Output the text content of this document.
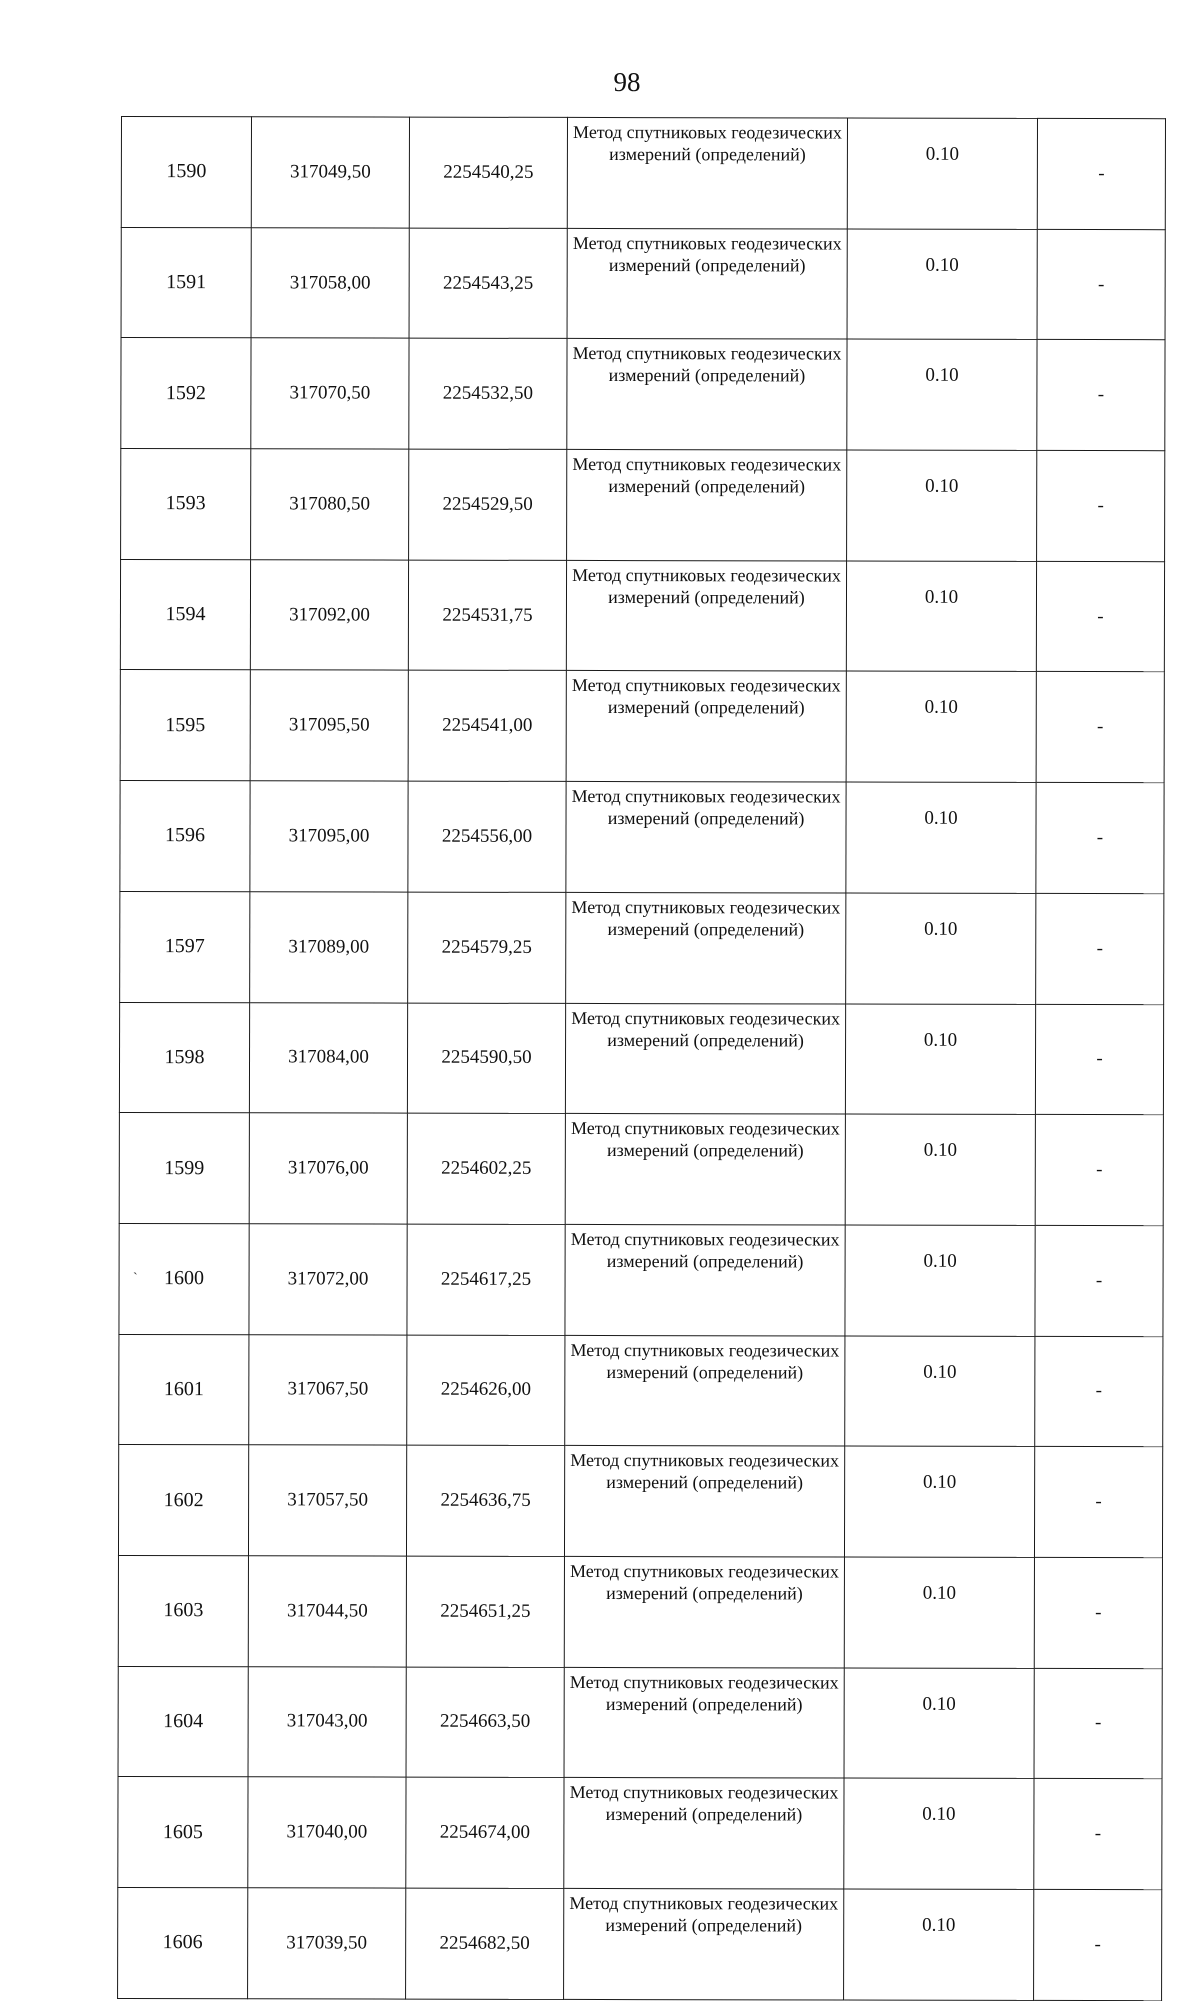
98
1590	317049,50	2254540,25	Метод спутниковых геодезических измерений (определений)	0.10	-
1591	317058,00	2254543,25	Метод спутниковых геодезических измерений (определений)	0.10	-
1592	317070,50	2254532,50	Метод спутниковых геодезических измерений (определений)	0.10	-
1593	317080,50	2254529,50	Метод спутниковых геодезических измерений (определений)	0.10	-
1594	317092,00	2254531,75	Метод спутниковых геодезических измерений (определений)	0.10	-
1595	317095,50	2254541,00	Метод спутниковых геодезических измерений (определений)	0.10	-
1596	317095,00	2254556,00	Метод спутниковых геодезических измерений (определений)	0.10	-
1597	317089,00	2254579,25	Метод спутниковых геодезических измерений (определений)	0.10	-
1598	317084,00	2254590,50	Метод спутниковых геодезических измерений (определений)	0.10	-
1599	317076,00	2254602,25	Метод спутниковых геодезических измерений (определений)	0.10	-
1600	317072,00	2254617,25	Метод спутниковых геодезических измерений (определений)	0.10	-
1601	317067,50	2254626,00	Метод спутниковых геодезических измерений (определений)	0.10	-
1602	317057,50	2254636,75	Метод спутниковых геодезических измерений (определений)	0.10	-
1603	317044,50	2254651,25	Метод спутниковых геодезических измерений (определений)	0.10	-
1604	317043,00	2254663,50	Метод спутниковых геодезических измерений (определений)	0.10	-
1605	317040,00	2254674,00	Метод спутниковых геодезических измерений (определений)	0.10	-
1606	317039,50	2254682,50	Метод спутниковых геодезических измерений (определений)	0.10	-
`
